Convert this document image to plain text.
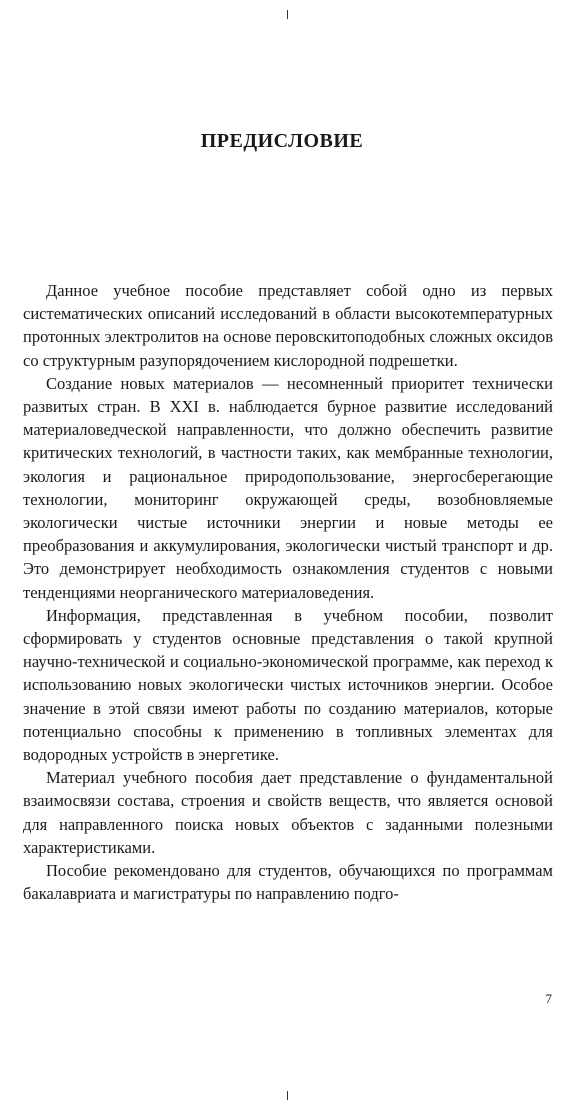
ПРЕДИСЛОВИЕ

Данное учебное пособие представляет собой одно из первых систематических описаний исследований в области высокотемпературных протонных электролитов на основе перовскитоподобных сложных оксидов со структурным разупорядочением кислородной подрешетки.

Создание новых материалов — несомненный приоритет технически развитых стран. В XXI в. наблюдается бурное развитие исследований материаловедческой направленности, что должно обеспечить развитие критических технологий, в частности таких, как мембранные технологии, экология и рациональное природопользование, энергосберегающие технологии, мониторинг окружающей среды, возобновляемые экологически чистые источники энергии и новые методы ее преобразования и аккумулирования, экологически чистый транспорт и др. Это демонстрирует необходимость ознакомления студентов с новыми тенденциями неорганического материаловедения.

Информация, представленная в учебном пособии, позволит сформировать у студентов основные представления о такой крупной научно-технической и социально-экономической программе, как переход к использованию новых экологически чистых источников энергии. Особое значение в этой связи имеют работы по созданию материалов, которые потенциально способны к применению в топливных элементах для водородных устройств в энергетике.

Материал учебного пособия дает представление о фундаментальной взаимосвязи состава, строения и свойств веществ, что является основой для направленного поиска новых объектов с заданными полезными характеристиками.

Пособие рекомендовано для студентов, обучающихся по программам бакалавриата и магистратуры по направлению подго-

7
